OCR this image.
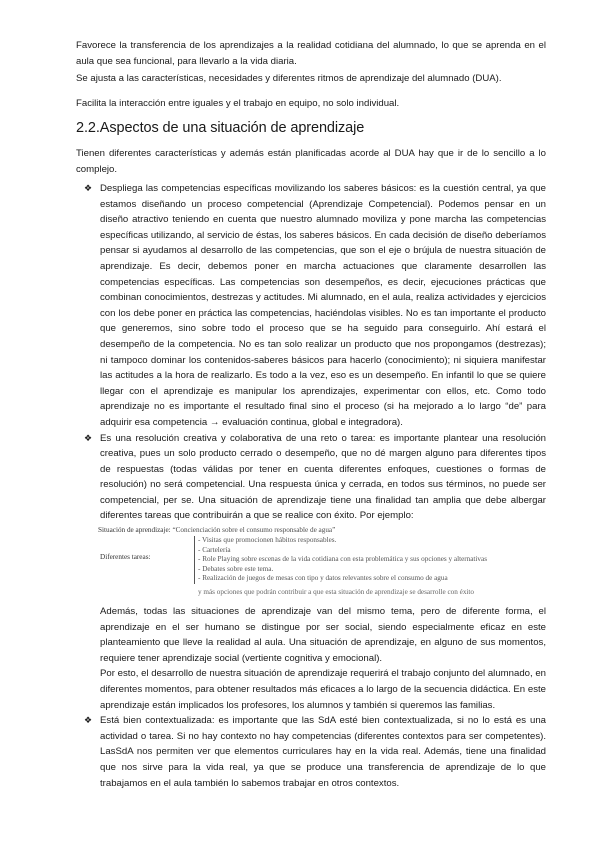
Favorece la transferencia de los aprendizajes a la realidad cotidiana del alumnado, lo que se aprenda en el aula que sea funcional, para llevarlo a la vida diaria.

Se ajusta a las características, necesidades y diferentes ritmos de aprendizaje del alumnado (DUA).

Facilita la interacción entre iguales y el trabajo en equipo, no solo individual.

2.2.Aspectos de una situación de aprendizaje

Tienen diferentes características y además están planificadas acorde al DUA hay que ir de lo sencillo a lo complejo.

❖ Despliega las competencias específicas movilizando los saberes básicos: es la cuestión central, ya que estamos diseñando un proceso competencial (Aprendizaje Competencial). Podemos pensar en un diseño atractivo teniendo en cuenta que nuestro alumnado moviliza y pone marcha las competencias específicas utilizando, al servicio de éstas, los saberes básicos. En cada decisión de diseño deberíamos pensar si ayudamos al desarrollo de las competencias, que son el eje o brújula de nuestra situación de aprendizaje. Es decir, debemos poner en marcha actuaciones que claramente desarrollen las competencias específicas. Las competencias son desempeños, es decir, ejecuciones prácticas que combinan conocimientos, destrezas y actitudes. Mi alumnado, en el aula, realiza actividades y ejercicios con los debe poner en práctica las competencias, haciéndolas visibles. No es tan importante el producto que generemos, sino sobre todo el proceso que se ha seguido para conseguirlo. Ahí estará el desempeño de la competencia. No es tan solo realizar un producto que nos propongamos (destrezas); ni tampoco dominar los contenidos-saberes básicos para hacerlo (conocimiento); ni siquiera manifestar las actitudes a la hora de realizarlo. Es todo a la vez, eso es un desempeño. En infantil lo que se quiere llegar con el aprendizaje es manipular los aprendizajes, experimentar con ellos, etc. Como todo aprendizaje no es importante el resultado final sino el proceso (si ha mejorado a lo largo “de” para adquirir esa competencia → evaluación continua, global e integradora).
❖ Es una resolución creativa y colaborativa de una reto o tarea: es importante plantear una resolución creativa, pues un solo producto cerrado o desempeño, que no dé margen alguno para diferentes tipos de respuestas (todas válidas por tener en cuenta diferentes enfoques, cuestiones o formas de resolución) no será competencial. Una respuesta única y cerrada, en todos sus términos, no puede ser competencial, per se. Una situación de aprendizaje tiene una finalidad tan amplia que debe albergar diferentes tareas que contribuirán a que se realice con éxito. Por ejemplo:
Situación de aprendizaje: “Concienciación sobre el consumo responsable de agua”
Diferentes tareas:
- Visitas que promocionen hábitos responsables.
- Cartelería
- Role Playing sobre escenas de la vida cotidiana con esta problemática y sus opciones y alternativas
- Debates sobre este tema.
- Realización de juegos de mesas con tipo y datos relevantes sobre el consumo de agua
y más opciones que podrán contribuir a que esta situación de aprendizaje se desarrolle con éxito

Además, todas las situaciones de aprendizaje van del mismo tema, pero de diferente forma, el aprendizaje en el ser humano se distingue por ser social, siendo especialmente eficaz en este planteamiento que lleve la realidad al aula. Una situación de aprendizaje, en alguno de sus momentos, requiere tener aprendizaje social (vertiente cognitiva y emocional).

Por esto, el desarrollo de nuestra situación de aprendizaje requerirá el trabajo conjunto del alumnado, en diferentes momentos, para obtener resultados más eficaces a lo largo de la secuencia didáctica. En este aprendizaje están implicados los profesores, los alumnos y también si queremos las familias.

❖ Está bien contextualizada: es importante que las SdA esté bien contextualizada, si no lo está es una actividad o tarea. Si no hay contexto no hay competencias (diferentes contextos para ser competentes). LasSdA nos permiten ver que elementos curriculares hay en la vida real. Además, tiene una finalidad que nos sirve para la vida real, ya que se produce una transferencia de aprendizaje de lo que trabajamos en el aula también lo sabemos trabajar en otros contextos.
